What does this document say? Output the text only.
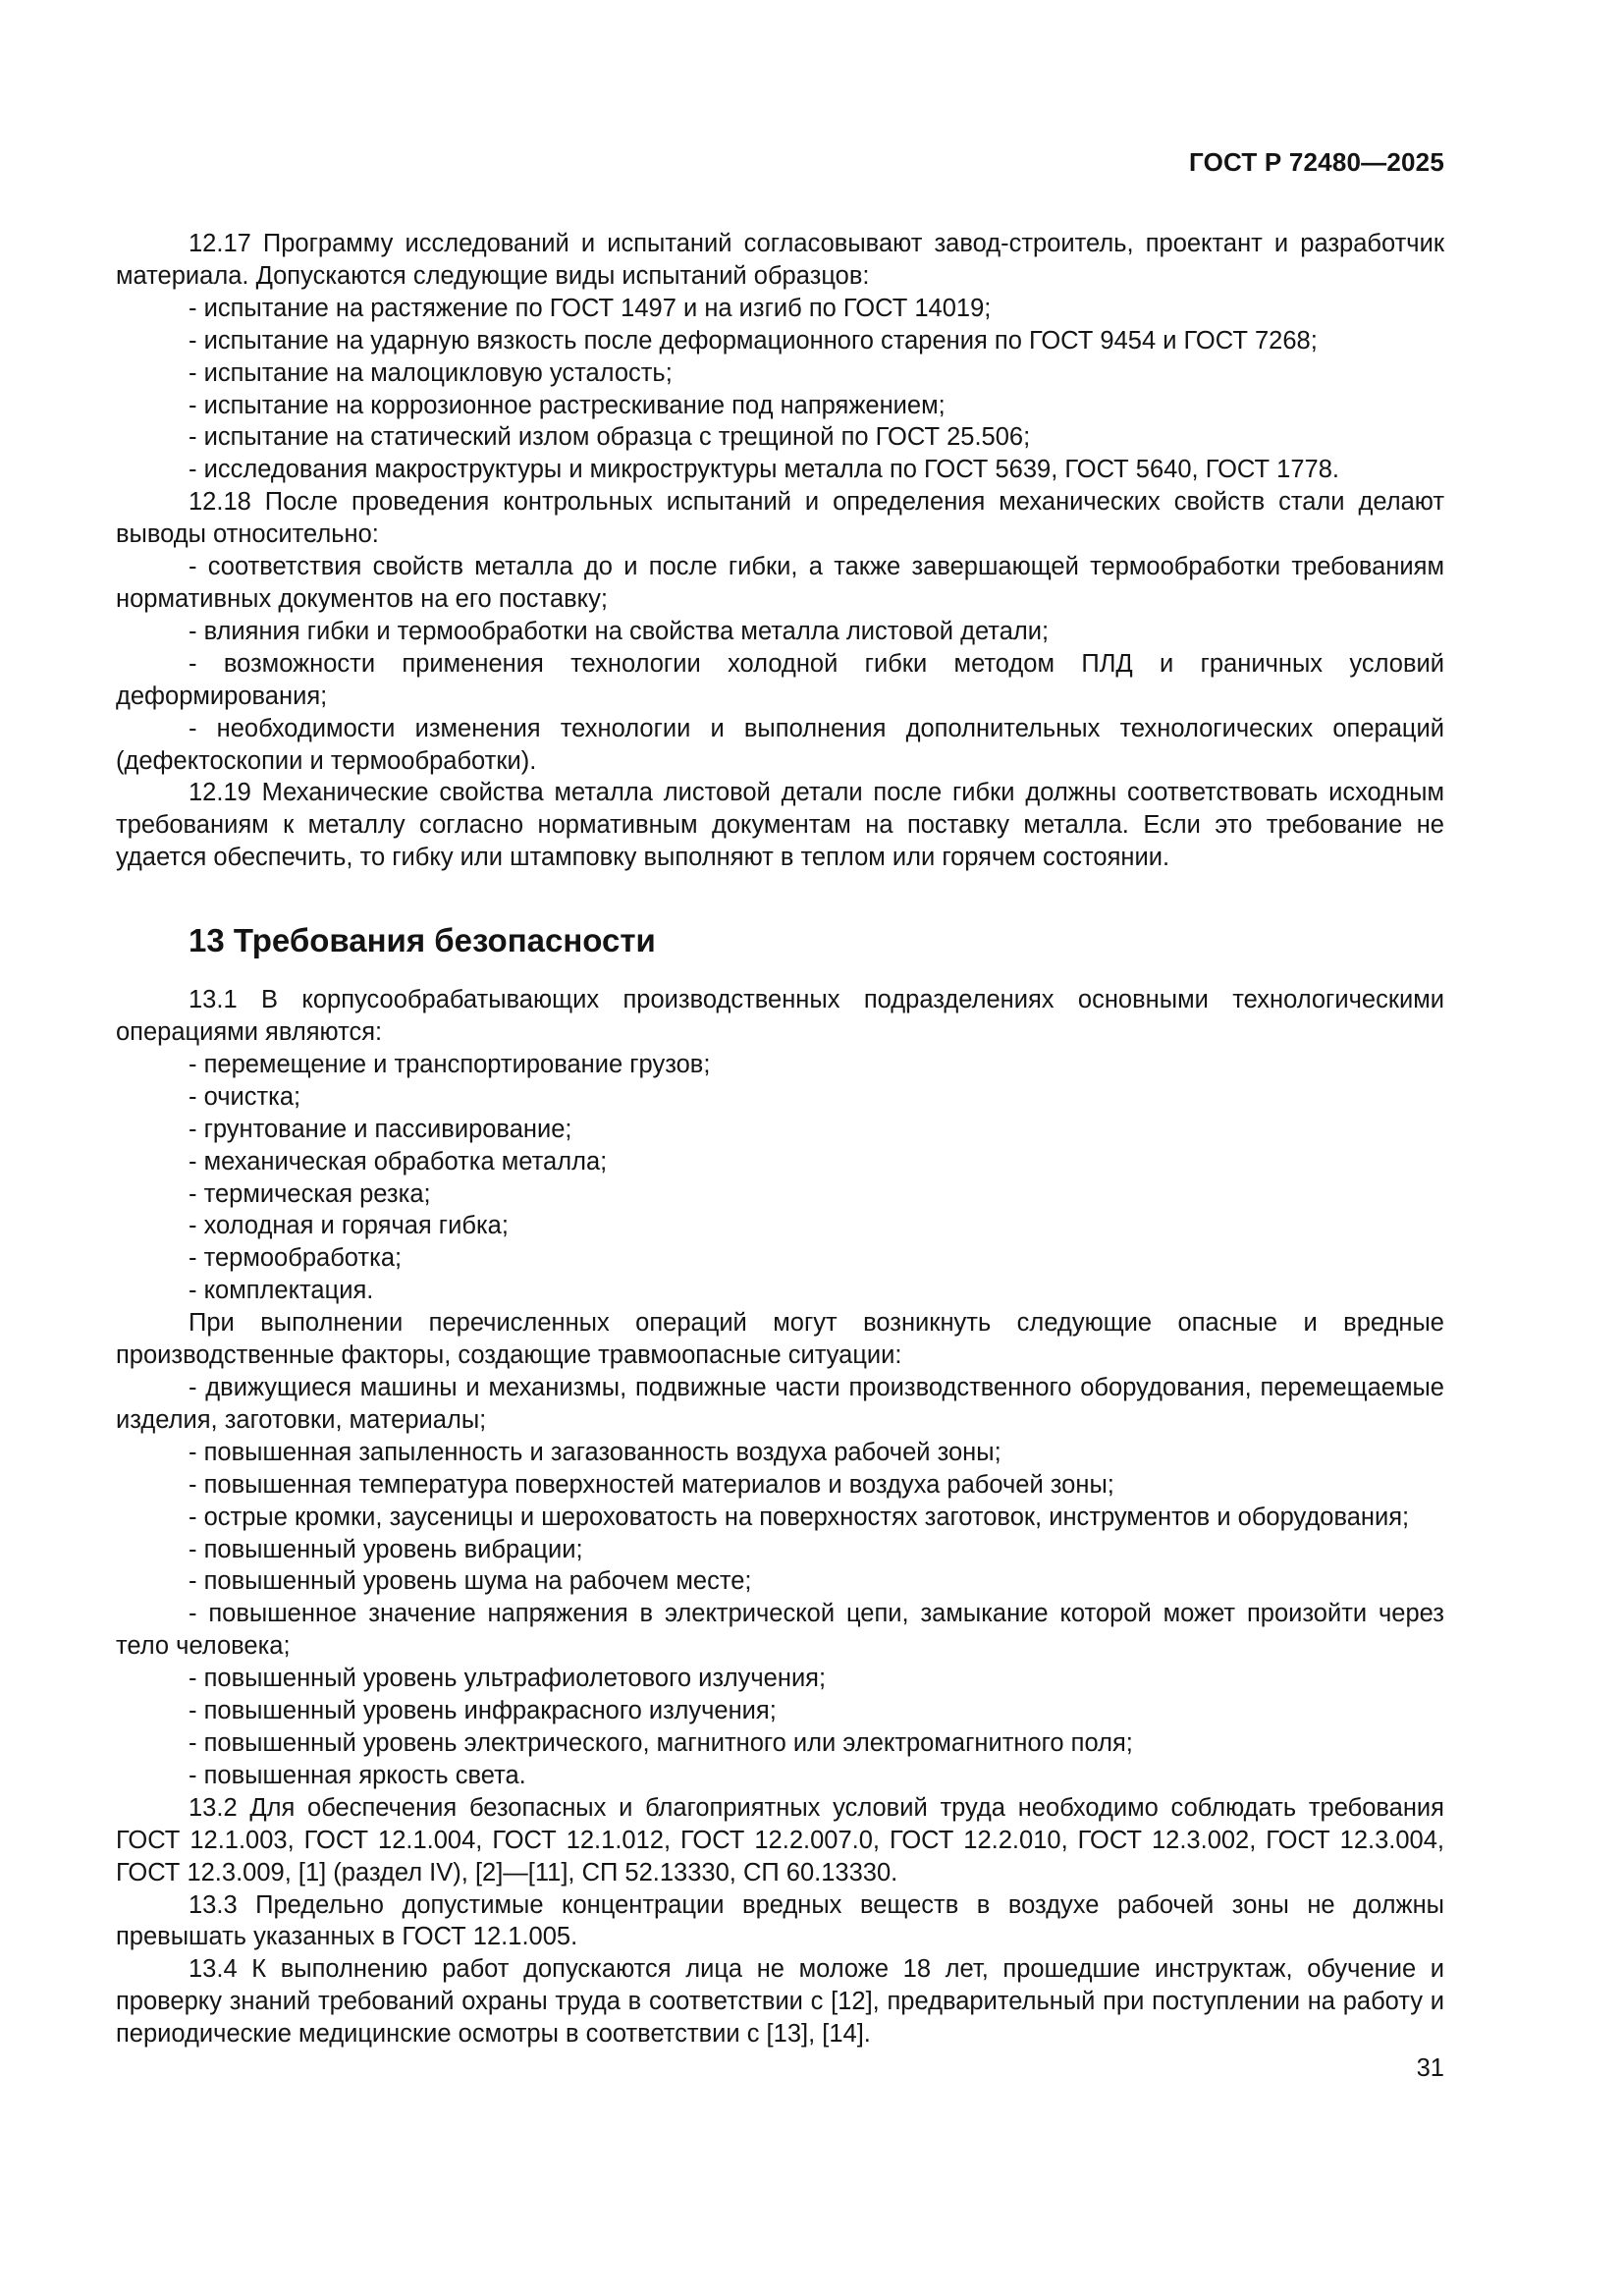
ГОСТ Р 72480—2025

12.17 Программу исследований и испытаний согласовывают завод-строитель, проектант и разработчик материала. Допускаются следующие виды испытаний образцов:

- испытание на растяжение по ГОСТ 1497 и на изгиб по ГОСТ 14019;

- испытание на ударную вязкость после деформационного старения по ГОСТ 9454 и ГОСТ 7268;

- испытание на малоцикловую усталость;

- испытание на коррозионное растрескивание под напряжением;

- испытание на статический излом образца с трещиной по ГОСТ 25.506;

- исследования макроструктуры и микроструктуры металла по ГОСТ 5639, ГОСТ 5640, ГОСТ 1778.

12.18 После проведения контрольных испытаний и определения механических свойств стали делают выводы относительно:

- соответствия свойств металла до и после гибки, а также завершающей термообработки требованиям нормативных документов на его поставку;

- влияния гибки и термообработки на свойства металла листовой детали;

- возможности применения технологии холодной гибки методом ПЛД и граничных условий деформирования;

- необходимости изменения технологии и выполнения дополнительных технологических операций (дефектоскопии и термообработки).

12.19 Механические свойства металла листовой детали после гибки должны соответствовать исходным требованиям к металлу согласно нормативным документам на поставку металла. Если это требование не удается обеспечить, то гибку или штамповку выполняют в теплом или горячем состоянии.

13 Требования безопасности

13.1 В корпусообрабатывающих производственных подразделениях основными технологическими операциями являются:

- перемещение и транспортирование грузов;

- очистка;

- грунтование и пассивирование;

- механическая обработка металла;

- термическая резка;

- холодная и горячая гибка;

- термообработка;

- комплектация.

При выполнении перечисленных операций могут возникнуть следующие опасные и вредные производственные факторы, создающие травмоопасные ситуации:

- движущиеся машины и механизмы, подвижные части производственного оборудования, перемещаемые изделия, заготовки, материалы;

- повышенная запыленность и загазованность воздуха рабочей зоны;

- повышенная температура поверхностей материалов и воздуха рабочей зоны;

- острые кромки, заусеницы и шероховатость на поверхностях заготовок, инструментов и оборудования;

- повышенный уровень вибрации;

- повышенный уровень шума на рабочем месте;

- повышенное значение напряжения в электрической цепи, замыкание которой может произойти через тело человека;

- повышенный уровень ультрафиолетового излучения;

- повышенный уровень инфракрасного излучения;

- повышенный уровень электрического, магнитного или электромагнитного поля;

- повышенная яркость света.

13.2 Для обеспечения безопасных и благоприятных условий труда необходимо соблюдать требования ГОСТ 12.1.003, ГОСТ 12.1.004, ГОСТ 12.1.012, ГОСТ 12.2.007.0, ГОСТ 12.2.010, ГОСТ 12.3.002, ГОСТ 12.3.004, ГОСТ 12.3.009, [1] (раздел IV), [2]—[11], СП 52.13330, СП 60.13330.

13.3 Предельно допустимые концентрации вредных веществ в воздухе рабочей зоны не должны превышать указанных в ГОСТ 12.1.005.

13.4 К выполнению работ допускаются лица не моложе 18 лет, прошедшие инструктаж, обучение и проверку знаний требований охраны труда в соответствии с [12], предварительный при поступлении на работу и периодические медицинские осмотры в соответствии с [13], [14].

31
